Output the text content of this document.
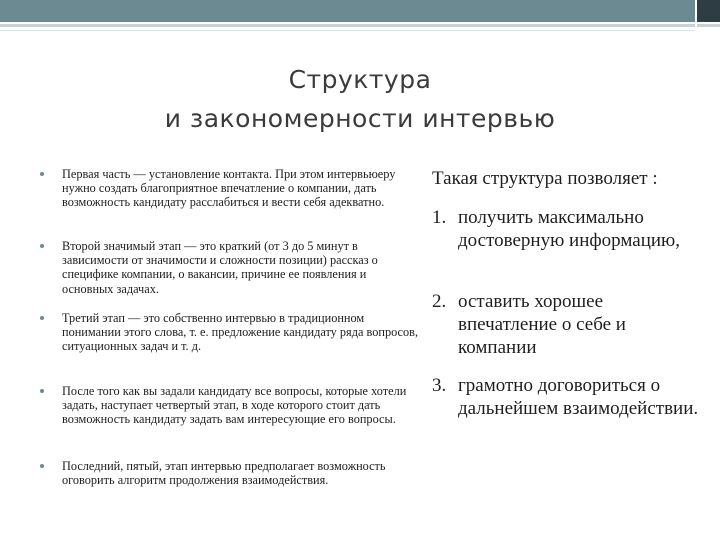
Структура
и закономерности интервью
Первая часть — установление контакта. При этом интервьюеру нужно создать благоприятное впечатление о компании, дать возможность кандидату расслабиться и вести себя адекватно.
Второй значимый этап — это краткий (от 3 до 5 минут в зависимости от значимости и сложности позиции) рассказ о специфике компании, о вакансии, причине ее появления и основных задачах.
Третий этап — это собственно интервью в традиционном понимании этого слова, т. е. предложение кандидату ряда вопросов, ситуационных задач и т. д.
После того как вы задали кандидату все вопросы, которые хотели задать, наступает четвертый этап, в ходе которого стоит дать возможность кандидату задать вам интересующие его вопросы.
Последний, пятый, этап интервью предполагает возможность оговорить алгоритм продолжения взаимодействия.
Такая структура позволяет :
1. получить максимально достоверную информацию,
2. оставить хорошее впечатление о себе и компании
3. грамотно договориться о дальнейшем взаимодействии.
